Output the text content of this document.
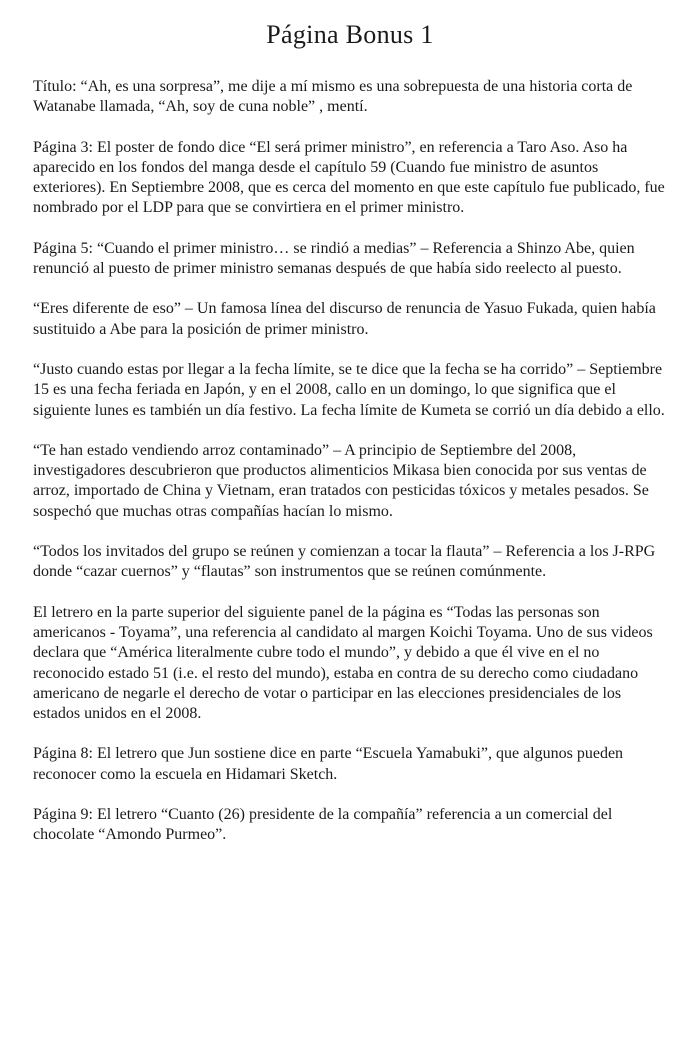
Página Bonus 1

Título: “Ah, es una sorpresa”, me dije a mí mismo es una sobrepuesta de una historia corta de Watanabe llamada, “Ah, soy de cuna noble” , mentí.

Página 3: El poster de fondo dice “El será primer ministro”, en referencia a Taro Aso. Aso ha aparecido en los fondos del manga desde el capítulo 59 (Cuando fue ministro de asuntos exteriores). En Septiembre 2008, que es cerca del momento en que este capítulo fue publicado, fue nombrado por el LDP para que se convirtiera en el primer ministro.

Página 5: “Cuando el primer ministro… se rindió a medias” – Referencia a Shinzo Abe, quien renunció al puesto de primer ministro semanas después de que había sido reelecto al puesto.

“Eres diferente de eso” – Un famosa línea del discurso de renuncia de Yasuo Fukada, quien había sustituido a Abe para la posición de primer ministro.

“Justo cuando estas por llegar a la fecha límite, se te dice que la fecha se ha corrido” – Septiembre 15 es una fecha feriada en Japón, y en el 2008, callo en un domingo, lo que significa que el siguiente lunes es también un día festivo. La fecha límite de Kumeta se corrió un día debido a ello.

“Te han estado vendiendo arroz contaminado” – A principio de Septiembre del 2008, investigadores descubrieron que productos alimenticios Mikasa bien conocida por sus ventas de arroz, importado de China y Vietnam, eran tratados con pesticidas tóxicos y metales pesados. Se sospechó que muchas otras compañías hacían lo mismo.

“Todos los invitados del grupo se reúnen y comienzan a tocar la flauta” – Referencia a los J-RPG donde “cazar cuernos” y “flautas” son instrumentos que se reúnen comúnmente.

El letrero en la parte superior del siguiente panel de la página es “Todas las personas son americanos - Toyama”, una referencia al candidato al margen Koichi Toyama. Uno de sus videos declara que “América literalmente cubre todo el mundo”, y debido a que él vive en el no reconocido estado 51 (i.e. el resto del mundo), estaba en contra de su derecho como ciudadano americano de negarle el derecho de votar o participar en las elecciones presidenciales de los estados unidos en el 2008.

Página 8: El letrero que Jun sostiene dice en parte “Escuela Yamabuki”, que algunos pueden reconocer como la escuela en Hidamari Sketch.

Página 9: El letrero “Cuanto (26) presidente de la compañía” referencia a un comercial del chocolate “Amondo Purmeo”.
